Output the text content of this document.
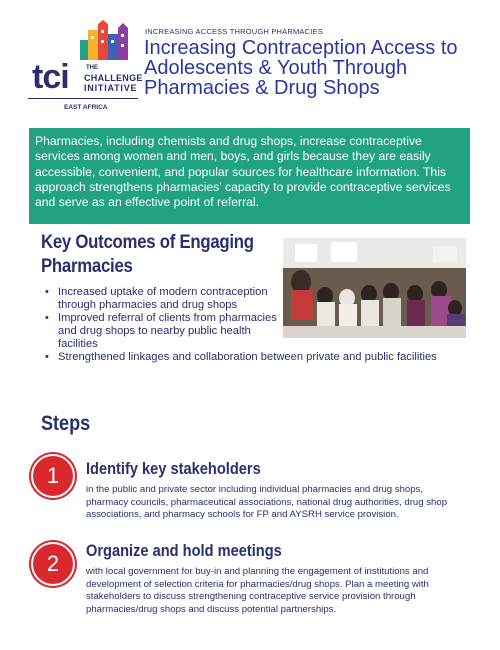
tci	THE
CHALLENGE
INITIATIVE
EAST AFRICA
INCREASING ACCESS THROUGH PHARMACIES
Increasing Contraception Access to Adolescents & Youth Through Pharmacies & Drug Shops

Pharmacies, including chemists and drug shops, increase contraceptive services among women and men, boys, and girls because they are easily accessible, convenient, and popular sources for healthcare information. This approach strengthens pharmacies' capacity to provide contraceptive services and serve as an effective point of referral.

Key Outcomes of Engaging
Pharmacies
• Increased uptake of modern contraception through pharmacies and drug shops
• Improved referral of clients from pharmacies and drug shops to nearby public health facilities
• Strengthened linkages and collaboration between private and public facilities
Steps
1	Identify key stakeholders
in the public and private sector including individual pharmacies and drug shops, pharmacy councils, pharmaceutical associations, national drug authorities, drug shop associations, and pharmacy schools for FP and AYSRH service provision.
2
Organize and hold meetings
with local government for buy-in and planning the engagement of institutions and development of selection criteria for pharmacies/drug shops. Plan a meeting with stakeholders to discuss strengthening contraceptive service provision through pharmacies/drug shops and discuss potential partnerships.
